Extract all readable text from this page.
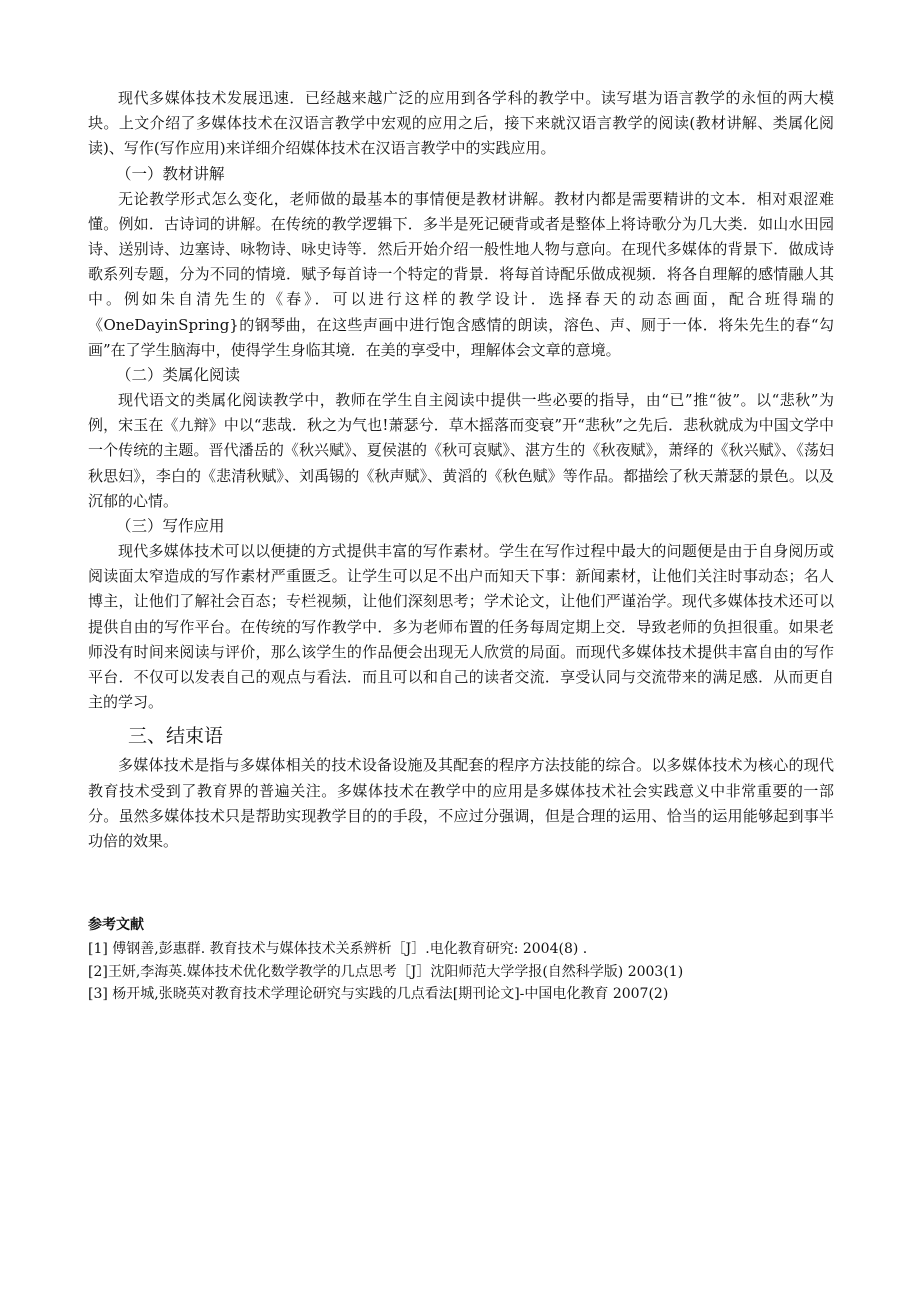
现代多媒体技术发展迅速．已经越来越广泛的应用到各学科的教学中。读写堪为语言教学的永恒的两大模块。上文介绍了多媒体技术在汉语言教学中宏观的应用之后，接下来就汉语言教学的阅读(教材讲解、类属化阅读)、写作(写作应用)来详细介绍媒体技术在汉语言教学中的实践应用。

（一）教材讲解

无论教学形式怎么变化，老师做的最基本的事情便是教材讲解。教材内都是需要精讲的文本．相对艰涩难懂。例如．古诗词的讲解。在传统的教学逻辑下．多半是死记硬背或者是整体上将诗歌分为几大类．如山水田园诗、送别诗、边塞诗、咏物诗、咏史诗等．然后开始介绍一般性地人物与意向。在现代多媒体的背景下．做成诗歌系列专题，分为不同的情境．赋予每首诗一个特定的背景．将每首诗配乐做成视频．将各自理解的感情融人其中。例如朱自清先生的《春》．可以进行这样的教学设计．选择春天的动态画面，配合班得瑞的《OneDayinSpring}的钢琴曲，在这些声画中进行饱含感情的朗读，溶色、声、厕于一体．将朱先生的春“勾画”在了学生脑海中，使得学生身临其境．在美的享受中，理解体会文章的意境。

（二）类属化阅读

现代语文的类属化阅读教学中，教师在学生自主阅读中提供一些必要的指导，由“已”推“彼”。以“悲秋”为例，宋玉在《九辩》中以“悲哉．秋之为气也!萧瑟兮．草木摇落而变衰”开“悲秋”之先后．悲秋就成为中国文学中一个传统的主题。晋代潘岳的《秋兴赋》、夏侯湛的《秋可哀赋》、湛方生的《秋夜赋》，萧绎的《秋兴赋》、《荡妇秋思妇》，李白的《悲清秋赋》、刘禹锡的《秋声赋》、黄滔的《秋色赋》等作品。都描绘了秋天萧瑟的景色。以及沉郁的心情。

（三）写作应用

现代多媒体技术可以以便捷的方式提供丰富的写作素材。学生在写作过程中最大的问题便是由于自身阅历或阅读面太窄造成的写作素材严重匮乏。让学生可以足不出户而知天下事：新闻素材，让他们关注时事动态；名人博主，让他们了解社会百态；专栏视频，让他们深刻思考；学术论文，让他们严谨治学。现代多媒体技术还可以提供自由的写作平台。在传统的写作教学中．多为老师布置的任务每周定期上交．导致老师的负担很重。如果老师没有时间来阅读与评价，那么该学生的作品便会出现无人欣赏的局面。而现代多媒体技术提供丰富自由的写作平台．不仅可以发表自己的观点与看法．而且可以和自己的读者交流．享受认同与交流带来的满足感．从而更自主的学习。

三、结束语

多媒体技术是指与多媒体相关的技术设备设施及其配套的程序方法技能的综合。以多媒体技术为核心的现代教育技术受到了教育界的普遍关注。多媒体技术在教学中的应用是多媒体技术社会实践意义中非常重要的一部分。虽然多媒体技术只是帮助实现教学目的的手段，不应过分强调，但是合理的运用、恰当的运用能够起到事半功倍的效果。

参考文献

[1] 傅钢善,彭惠群. 教育技术与媒体技术关系辨析［J］.电化教育研究: 2004(8) .

[2]王妍,李海英.媒体技术优化数学教学的几点思考［J］沈阳师范大学学报(自然科学版) 2003(1)

[3] 杨开城,张晓英对教育技术学理论研究与实践的几点看法[期刊论文]-中国电化教育 2007(2)
